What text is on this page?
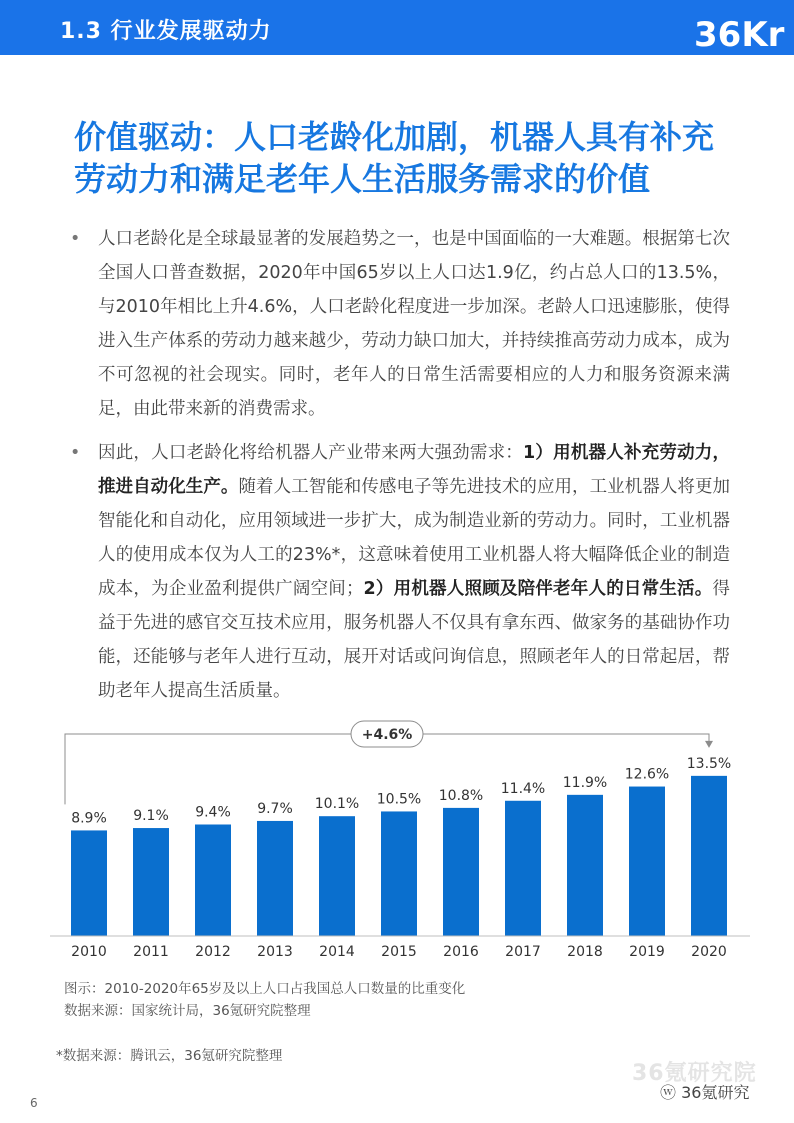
1.3 行业发展驱动力	36Kr
价值驱动：人口老龄化加剧，机器人具有补充
劳动力和满足老年人生活服务需求的价值
• 人口老龄化是全球最显著的发展趋势之一，也是中国面临的一大难题。根据第七次全国人口普查数据，2020年中国65岁以上人口达1.9亿，约占总人口的13.5%，与2010年相比上升4.6%，人口老龄化程度进一步加深。老龄人口迅速膨胀，使得进入生产体系的劳动力越来越少，劳动力缺口加大，并持续推高劳动力成本，成为不可忽视的社会现实。同时，老年人的日常生活需要相应的人力和服务资源来满足，由此带来新的消费需求。
• 因此，人口老龄化将给机器人产业带来两大强劲需求：1）用机器人补充劳动力，推进自动化生产。随着人工智能和传感电子等先进技术的应用，工业机器人将更加智能化和自动化，应用领域进一步扩大，成为制造业新的劳动力。同时，工业机器人的使用成本仅为人工的23%*，这意味着使用工业机器人将大幅降低企业的制造成本，为企业盈利提供广阔空间；2）用机器人照顾及陪伴老年人的日常生活。得益于先进的感官交互技术应用，服务机器人不仅具有拿东西、做家务的基础协作功能，还能够与老年人进行互动，展开对话或问询信息，照顾老年人的日常起居，帮助老年人提高生活质量。
8.9%
2010
9.1%
2011
9.4%
2012
9.7%
2013
10.1%
2014
10.5%
2015
10.8%
2016
11.4%
2017
11.9%
2018
12.6%
2019
13.5%
2020
+4.6%
图示：2010-2020年65岁及以上人口占我国总人口数量的比重变化
数据来源：国家统计局，36氪研究院整理
*数据来源：腾讯云，36氪研究院整理
36氪研究院
ⓦ 36氪研究
6
